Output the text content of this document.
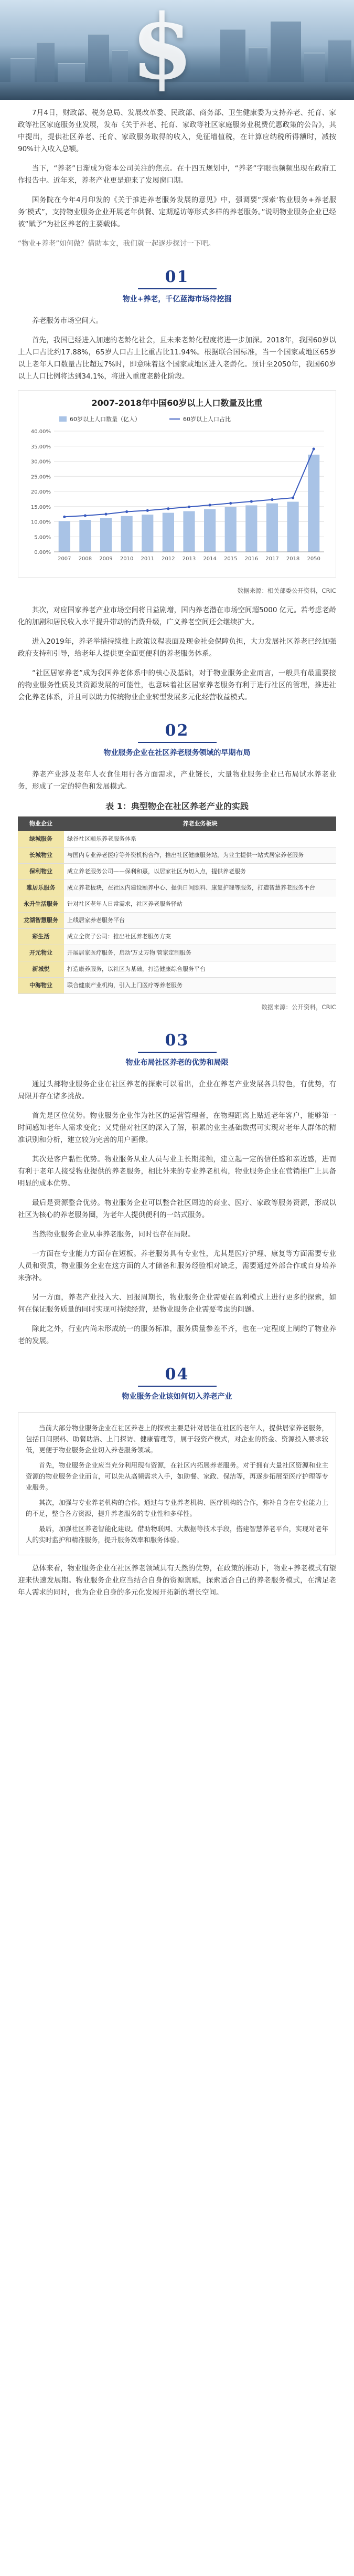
$

7月4日，财政部、税务总局、发展改革委、民政部、商务部、卫生健康委为支持养老、托育、家政等社区家庭服务业发展，发布《关于养老、托育、家政等社区家庭服务业税费优惠政策的公告》，其中提出，提供社区养老、托育、家政服务取得的收入，免征增值税，在计算应纳税所得额时，减按90%计入收入总额。

当下，“养老”日渐成为资本公司关注的焦点。在十四五规划中，“养老”字眼也频频出现在政府工作报告中。近年来，养老产业更是迎来了发展窗口期。

国务院在今年4月印发的《关于推进养老服务发展的意见》中，强调要“探索‘物业服务+养老服务’模式”，支持物业服务企业开展老年供餐、定期巡访等形式多样的养老服务。”说明物业服务企业已经被“赋予”为社区养老的主要载体。

“物业+养老”如何做？借助本文，我们就一起逐步探讨一下吧。

01
物业+养老，千亿蓝海市场待挖掘

养老服务市场空间大。

首先，我国已经进入加速的老龄化社会，且未来老龄化程度将进一步加深。2018年，我国60岁以上人口占比约17.88%，65岁人口占上比重占比11.94%。根据联合国标准，当一个国家或地区65岁以上老年人口数量占比超过7%时，即意味着这个国家或地区进入老龄化。预计至2050年，我国60岁以上人口比例将达到34.1%，将进入重度老龄化阶段。

2007-2018年中国60岁以上人口数量及比重
0.00%
5.00%
10.00%
15.00%
20.00%
25.00%
30.00%
35.00%
40.00%
2007 2008 2009 2010 2011 2012 2013 2014 2015 2016 2017 2018 2050
60岁以上人口数量（亿人）	60岁以上人口占比
数据来源：相关部委公开资料，CRIC

其次，对应国家养老产业市场空间将日益剧增，国内养老潜在市场空间超5000 亿元。若考虑老龄化的加剧和居民收入水平提升带动的消费升级，广义养老空间还会继续扩大。

进入2019年，养老举措持续推上政策议程表面及现金社会保障负担，大力发展社区养老已经加强政府支持和引导，给老年人提供更全面更便利的养老服务体系。

“社区居家养老”成为我国养老体系中的核心及基础，对于物业服务企业而言，一般具有最重要接的物业服务性质及其资源发展的可能性，也意味着社区居家养老服务有利于进行社区的管理，推进社会化养老体系，并且可以助力传统物业企业转型发展多元化经营收益模式。

02
物业服务企业在社区养老服务领域的早期布局

养老产业涉及老年人衣食住用行各方面需求，产业链长，大量物业服务企业已布局试水养老业务，形成了一定的特色和发展模式。

表 1：典型物企在社区养老产业的实践
物业企业	养老业务板块
绿城服务	绿谷社区颐乐养老服务体系
长城物业	与国内专业养老医疗等外资机构合作，推出社区健康服务站，为业主提供一站式居家养老服务
保利物业	成立养老服务公司——保利和熹，以居家社区为切入点，提供养老服务
雅居乐服务	成立养老板块，在社区内建设颐养中心、提供日间照料、康复护理等服务，打造智慧养老服务平台
永升生活服务	针对社区老年人日常需求，社区养老服务驿站
龙湖智慧服务	上线居家养老服务平台
彩生活	成立全资子公司：推出社区养老服务方案
开元物业	开展居家医疗服务，启动'万丈万物'管家定制服务
新城悦	打造康养服务，以社区为基础，打造健康综合服务平台
中海物业	联合健康产业机构，引入上门医疗等养老服务
数据来源：公开资料，CRIC
03
物业布局社区养老的优势和局限

通过头部物业服务企业在社区养老的探索可以看出，企业在养老产业发展各具特色，有优势，有局限并存在诸多挑战。

首先是区位优势。物业服务企业作为社区的运营管理者，在物理距离上贴近老年客户，能够第一时间感知老年人需求变化；又凭借对社区的深入了解，积累的业主基础数据可实现对老年人群体的精准识别和分析，建立较为完善的用户画像。

其次是客户黏性优势。物业服务从业人员与业主长期接触，建立起一定的信任感和亲近感，进而有利于老年人接受物业提供的养老服务，相比外来的专业养老机构，物业服务企业在营销推广上具备明显的成本优势。

最后是资源整合优势。物业服务企业可以整合社区周边的商业、医疗、家政等服务资源，形成以社区为核心的养老服务圈，为老年人提供便利的一站式服务。

当然物业服务企业从事养老服务，同时也存在局限。

一方面在专业能力方面存在短板。养老服务具有专业性，尤其是医疗护理、康复等方面需要专业人员和资质，物业服务企业在这方面的人才储备和服务经验相对缺乏，需要通过外部合作或自身培养来弥补。

另一方面，养老产业投入大、回报周期长，物业服务企业需要在盈利模式上进行更多的探索，如何在保证服务质量的同时实现可持续经营，是物业服务企业需要考虑的问题。

除此之外，行业内尚未形成统一的服务标准，服务质量参差不齐，也在一定程度上制约了物业养老的发展。

04
物业服务企业该如何切入养老产业

当前大部分物业服务企业在社区养老上的探索主要是针对居住在社区的老年人，提供居家养老服务，包括日间照料、助餐助浴、上门探访、健康管理等，属于轻资产模式，对企业的资金、资源投入要求较低，更便于物业服务企业切入养老服务领域。

首先，物业服务企业应当充分利用现有资源，在社区内拓展养老服务。对于拥有大量社区资源和业主资源的物业服务企业而言，可以先从高频需求入手，如助餐、家政、保洁等，再逐步拓展至医疗护理等专业服务。

其次，加强与专业养老机构的合作。通过与专业养老机构、医疗机构的合作，弥补自身在专业能力上的不足，整合各方资源，提升养老服务的专业性和多样性。

最后，加强社区养老智能化建设。借助物联网、大数据等技术手段，搭建智慧养老平台，实现对老年人的实时监护和精准服务，提升服务效率和服务体验。

总体来看，物业服务企业在社区养老领域具有天然的优势，在政策的推动下，物业+养老模式有望迎来快速发展期。物业服务企业应当结合自身的资源禀赋，探索适合自己的养老服务模式，在满足老年人需求的同时，也为企业自身的多元化发展开拓新的增长空间。
